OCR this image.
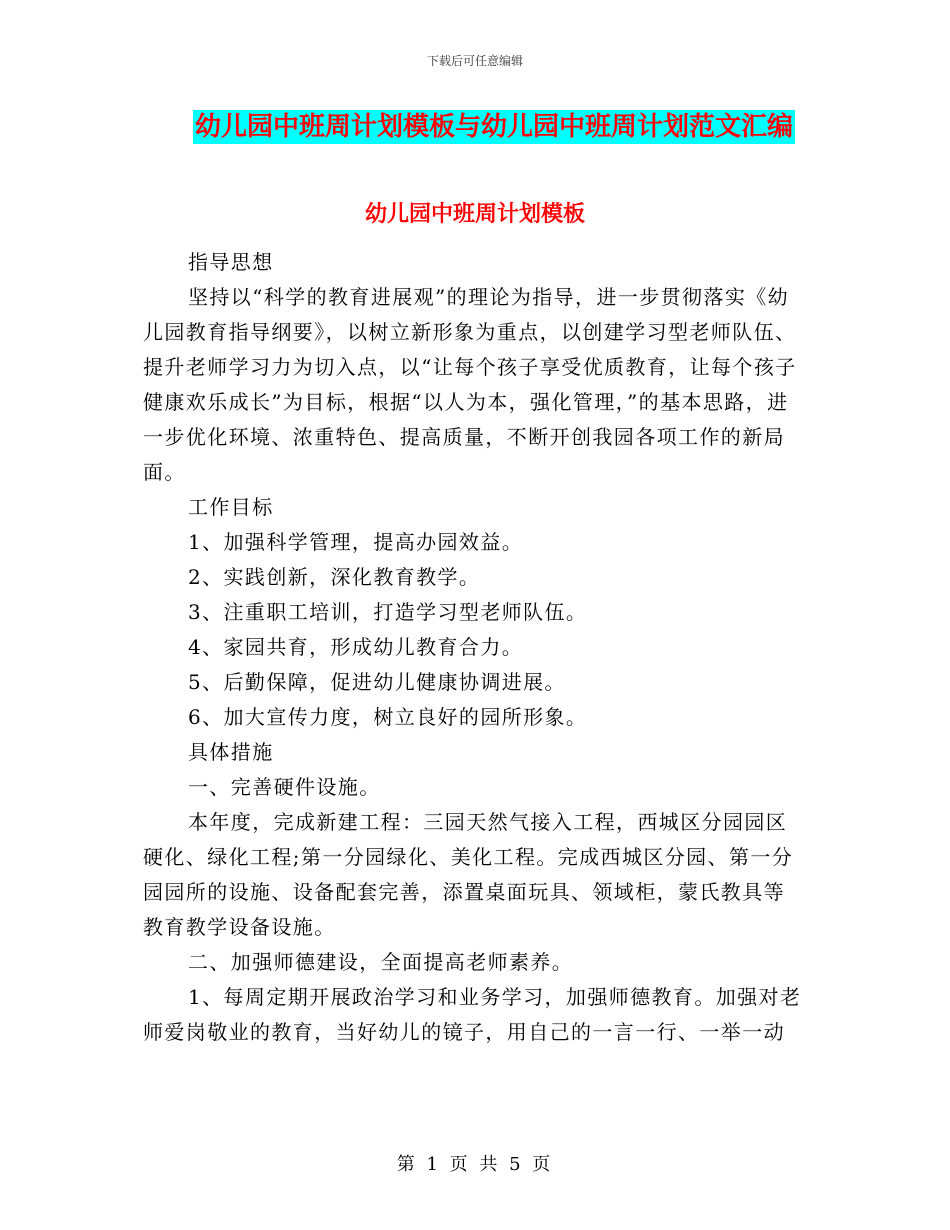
下载后可任意编辑
幼儿园中班周计划模板与幼儿园中班周计划范文汇编
幼儿园中班周计划模板

指导思想

坚持以“科学的教育进展观”的理论为指导，进一步贯彻落实《幼儿园教育指导纲要》，以树立新形象为重点，以创建学习型老师队伍、提升老师学习力为切入点，以“让每个孩子享受优质教育，让每个孩子健康欢乐成长”为目标，根据“以人为本，强化管理，”的基本思路，进一步优化环境、浓重特色、提高质量，不断开创我园各项工作的新局面。

工作目标

1、加强科学管理，提高办园效益。

2、实践创新，深化教育教学。

3、注重职工培训，打造学习型老师队伍。

4、家园共育，形成幼儿教育合力。

5、后勤保障，促进幼儿健康协调进展。

6、加大宣传力度，树立良好的园所形象。

具体措施

一、完善硬件设施。

本年度，完成新建工程：三园天然气接入工程，西城区分园园区硬化、绿化工程;第一分园绿化、美化工程。完成西城区分园、第一分园园所的设施、设备配套完善，添置桌面玩具、领域柜，蒙氏教具等教育教学设备设施。

二、加强师德建设，全面提高老师素养。

1、每周定期开展政治学习和业务学习，加强师德教育。加强对老师爱岗敬业的教育，当好幼儿的镜子，用自己的一言一行、一举一动

第 1 页 共 5 页
